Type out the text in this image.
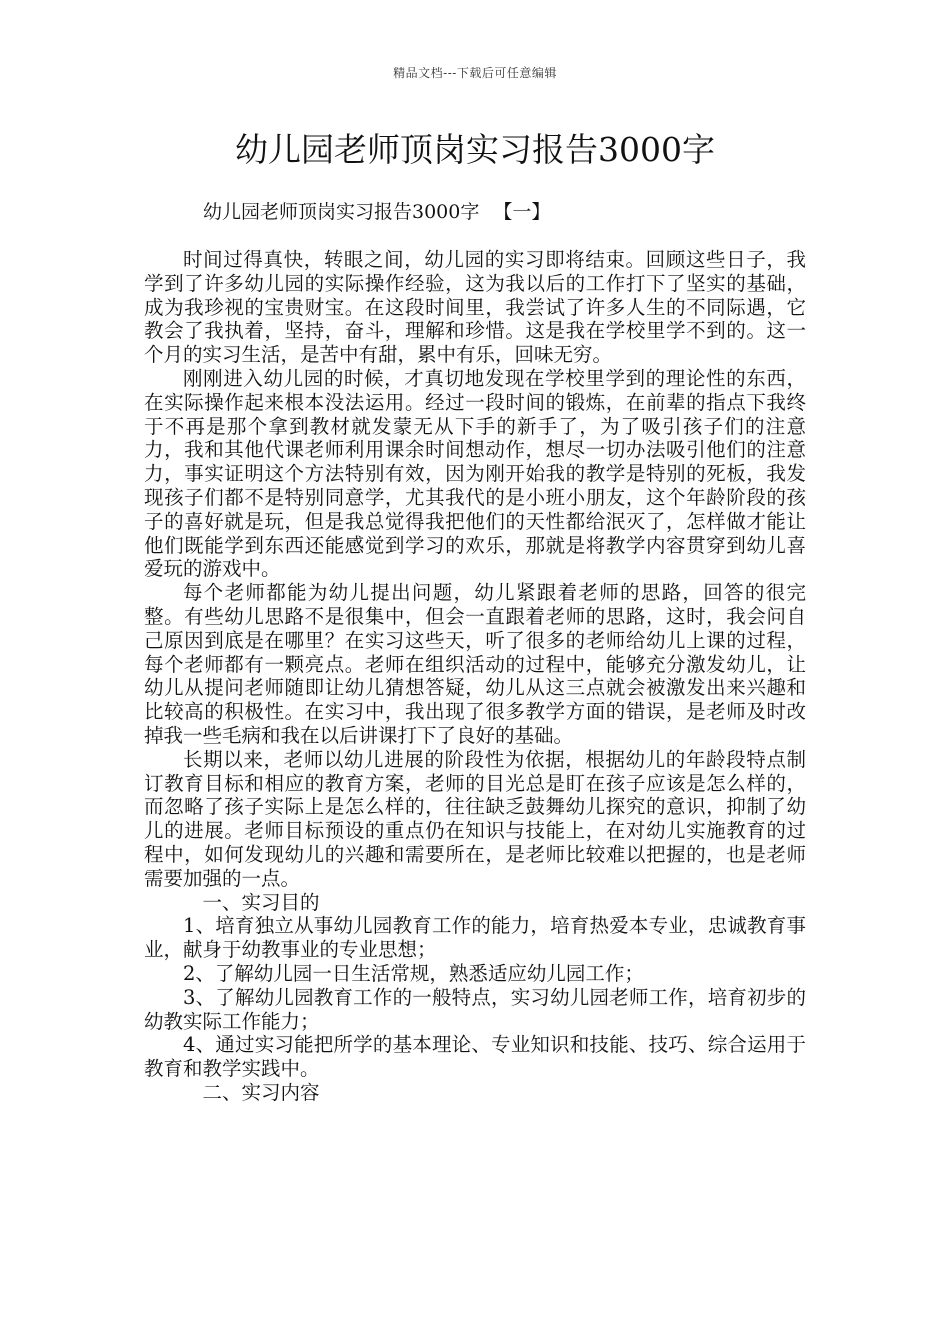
精品文档---下载后可任意编辑
幼儿园老师顶岗实习报告3000字
幼儿园老师顶岗实习报告3000字 【一】

时间过得真快，转眼之间，幼儿园的实习即将结束。回顾这些日子，我学到了许多幼儿园的实际操作经验，这为我以后的工作打下了坚实的基础，成为我珍视的宝贵财宝。在这段时间里，我尝试了许多人生的不同际遇，它教会了我执着，坚持，奋斗，理解和珍惜。这是我在学校里学不到的。这一个月的实习生活，是苦中有甜，累中有乐，回味无穷。

刚刚进入幼儿园的时候，才真切地发现在学校里学到的理论性的东西，在实际操作起来根本没法运用。经过一段时间的锻炼，在前辈的指点下我终于不再是那个拿到教材就发蒙无从下手的新手了，为了吸引孩子们的注意力，我和其他代课老师利用课余时间想动作，想尽一切办法吸引他们的注意力，事实证明这个方法特别有效，因为刚开始我的教学是特别的死板，我发现孩子们都不是特别同意学，尤其我代的是小班小朋友，这个年龄阶段的孩子的喜好就是玩，但是我总觉得我把他们的天性都给泯灭了，怎样做才能让他们既能学到东西还能感觉到学习的欢乐，那就是将教学内容贯穿到幼儿喜爱玩的游戏中。

每个老师都能为幼儿提出问题，幼儿紧跟着老师的思路，回答的很完整。有些幼儿思路不是很集中，但会一直跟着老师的思路，这时，我会问自己原因到底是在哪里？在实习这些天，听了很多的老师给幼儿上课的过程，每个老师都有一颗亮点。老师在组织活动的过程中，能够充分激发幼儿，让幼儿从提问老师随即让幼儿猜想答疑，幼儿从这三点就会被激发出来兴趣和比较高的积极性。在实习中，我出现了很多教学方面的错误，是老师及时改掉我一些毛病和我在以后讲课打下了良好的基础。

长期以来，老师以幼儿进展的阶段性为依据，根据幼儿的年龄段特点制订教育目标和相应的教育方案，老师的目光总是盯在孩子应该是怎么样的，而忽略了孩子实际上是怎么样的，往往缺乏鼓舞幼儿探究的意识，抑制了幼儿的进展。老师目标预设的重点仍在知识与技能上，在对幼儿实施教育的过程中，如何发现幼儿的兴趣和需要所在，是老师比较难以把握的，也是老师需要加强的一点。

一、实习目的

1、培育独立从事幼儿园教育工作的能力，培育热爱本专业，忠诚教育事业，献身于幼教事业的专业思想；

2、了解幼儿园一日生活常规，熟悉适应幼儿园工作；

3、了解幼儿园教育工作的一般特点，实习幼儿园老师工作，培育初步的幼教实际工作能力；

4、通过实习能把所学的基本理论、专业知识和技能、技巧、综合运用于教育和教学实践中。

二、实习内容
